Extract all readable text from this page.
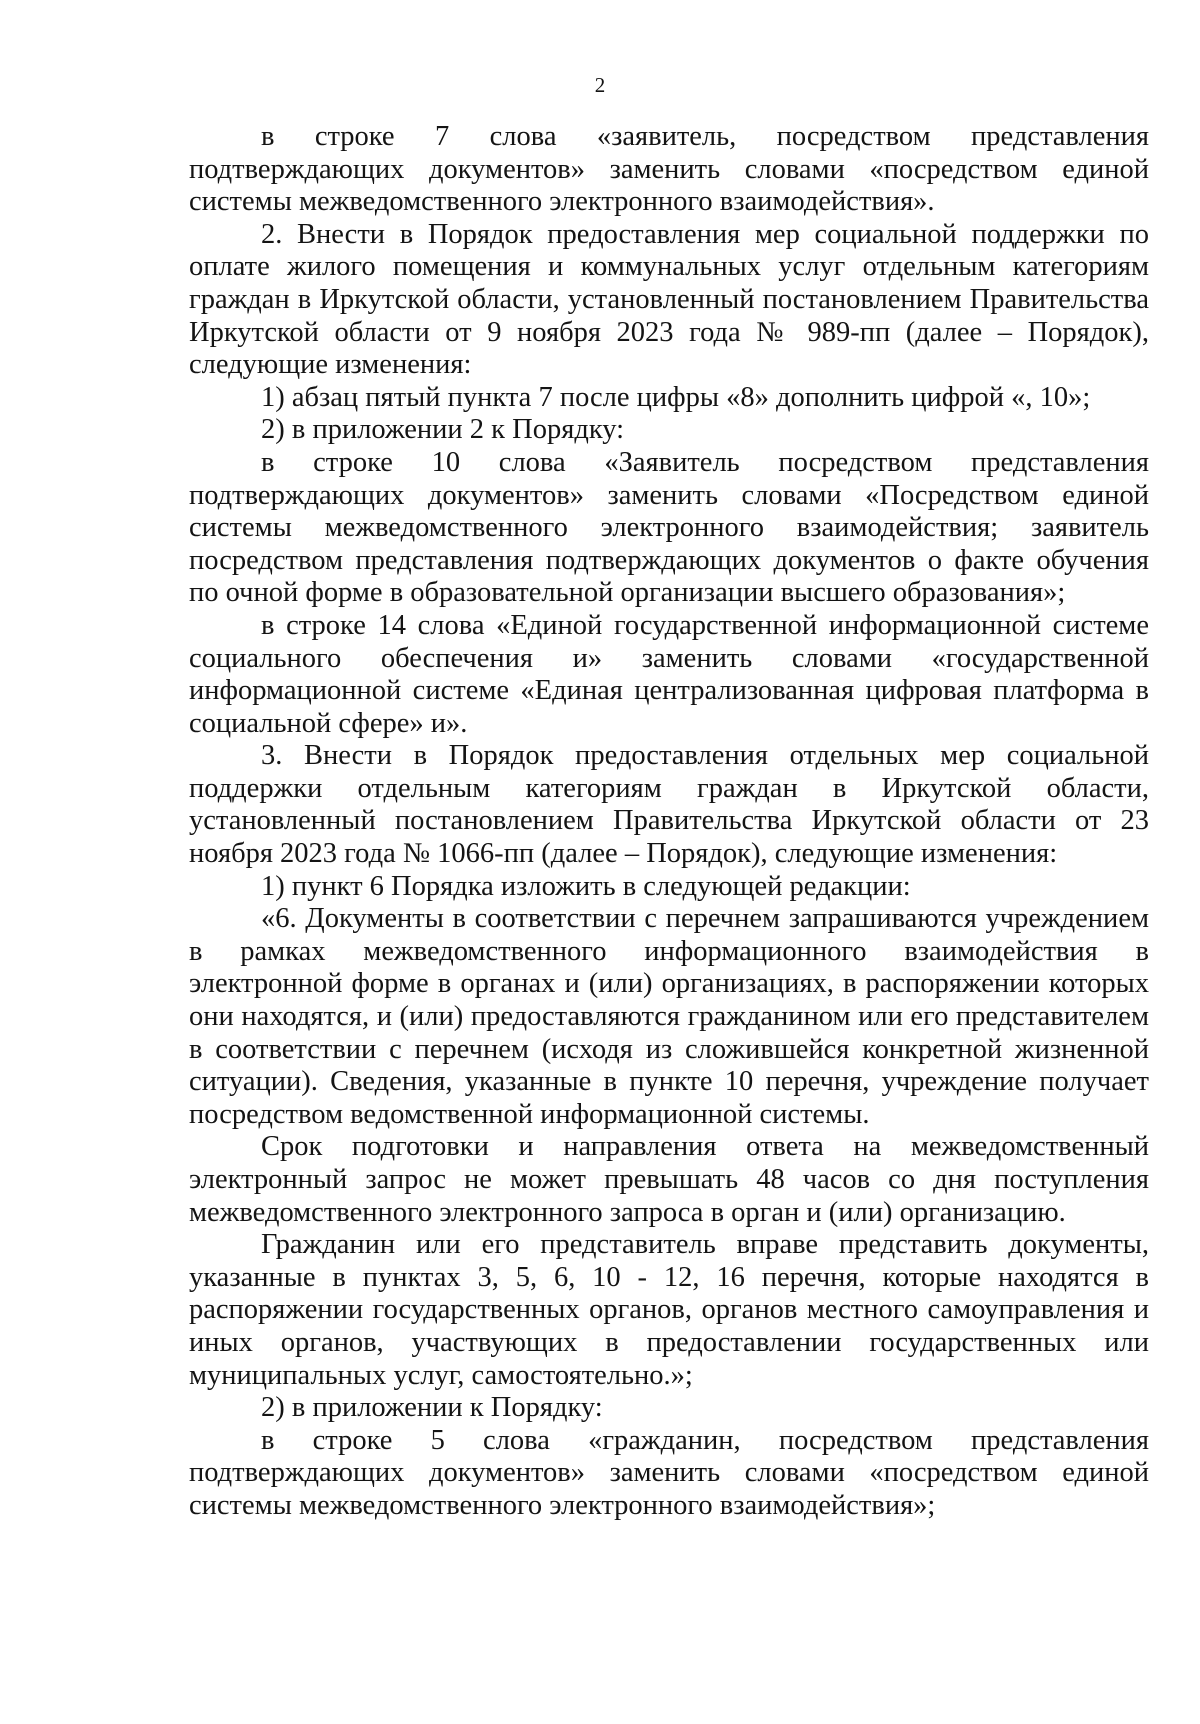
2

в строке 7 слова «заявитель, посредством представления подтверждающих документов» заменить словами «посредством единой системы межведомственного электронного взаимодействия».

2. Внести в Порядок предоставления мер социальной поддержки по оплате жилого помещения и коммунальных услуг отдельным категориям граждан в Иркутской области, установленный постановлением Правительства Иркутской области от 9 ноября 2023 года № 989-пп (далее – Порядок), следующие изменения:

1) абзац пятый пункта 7 после цифры «8» дополнить цифрой «, 10»;

2) в приложении 2 к Порядку:

в строке 10 слова «Заявитель посредством представления подтверждающих документов» заменить словами «Посредством единой системы межведомственного электронного взаимодействия; заявитель посредством представления подтверждающих документов о факте обучения по очной форме в образовательной организации высшего образования»;

в строке 14 слова «Единой государственной информационной системе социального обеспечения и» заменить словами «государственной информационной системе «Единая централизованная цифровая платформа в социальной сфере» и».

3. Внести в Порядок предоставления отдельных мер социальной поддержки отдельным категориям граждан в Иркутской области, установленный постановлением Правительства Иркутской области от 23 ноября 2023 года № 1066-пп (далее – Порядок), следующие изменения:

1) пункт 6 Порядка изложить в следующей редакции:

«6. Документы в соответствии с перечнем запрашиваются учреждением в рамках межведомственного информационного взаимодействия в электронной форме в органах и (или) организациях, в распоряжении которых они находятся, и (или) предоставляются гражданином или его представителем в соответствии с перечнем (исходя из сложившейся конкретной жизненной ситуации). Сведения, указанные в пункте 10 перечня, учреждение получает посредством ведомственной информационной системы.

Срок подготовки и направления ответа на межведомственный электронный запрос не может превышать 48 часов со дня поступления межведомственного электронного запроса в орган и (или) организацию.

Гражданин или его представитель вправе представить документы, указанные в пунктах 3, 5, 6, 10 - 12, 16 перечня, которые находятся в распоряжении государственных органов, органов местного самоуправления и иных органов, участвующих в предоставлении государственных или муниципальных услуг, самостоятельно.»;

2) в приложении к Порядку:

в строке 5 слова «гражданин, посредством представления подтверждающих документов» заменить словами «посредством единой системы межведомственного электронного взаимодействия»;
